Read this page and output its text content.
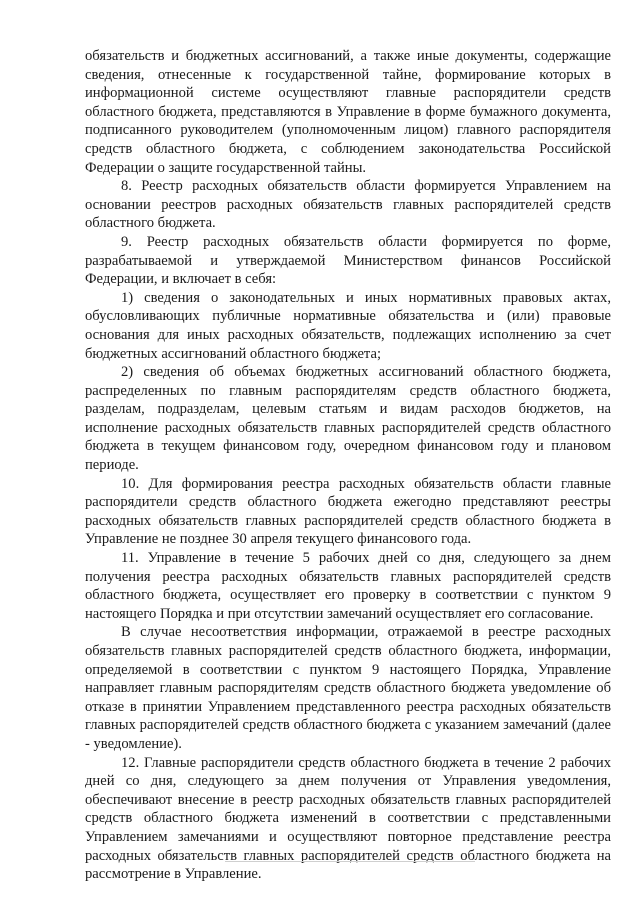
обязательств и бюджетных ассигнований, а также иные документы, содержащие сведения, отнесенные к государственной тайне, формирование которых в информационной системе осуществляют главные распорядители средств областного бюджета, представляются в Управление в форме бумажного документа, подписанного руководителем (уполномоченным лицом) главного распорядителя средств областного бюджета, с соблюдением законодательства Российской Федерации о защите государственной тайны.

8. Реестр расходных обязательств области формируется Управлением на основании реестров расходных обязательств главных распорядителей средств областного бюджета.

9. Реестр расходных обязательств области формируется по форме, разрабатываемой и утверждаемой Министерством финансов Российской Федерации, и включает в себя:

1) сведения о законодательных и иных нормативных правовых актах, обусловливающих публичные нормативные обязательства и (или) правовые основания для иных расходных обязательств, подлежащих исполнению за счет бюджетных ассигнований областного бюджета;

2) сведения об объемах бюджетных ассигнований областного бюджета, распределенных по главным распорядителям средств областного бюджета, разделам, подразделам, целевым статьям и видам расходов бюджетов, на исполнение расходных обязательств главных распорядителей средств областного бюджета в текущем финансовом году, очередном финансовом году и плановом периоде.

10. Для формирования реестра расходных обязательств области главные распорядители средств областного бюджета ежегодно представляют реестры расходных обязательств главных распорядителей средств областного бюджета в Управление не позднее 30 апреля текущего финансового года.

11. Управление в течение 5 рабочих дней со дня, следующего за днем получения реестра расходных обязательств главных распорядителей средств областного бюджета, осуществляет его проверку в соответствии с пунктом 9 настоящего Порядка и при отсутствии замечаний осуществляет его согласование.

В случае несоответствия информации, отражаемой в реестре расходных обязательств главных распорядителей средств областного бюджета, информации, определяемой в соответствии с пунктом 9 настоящего Порядка, Управление направляет главным распорядителям средств областного бюджета уведомление об отказе в принятии Управлением представленного реестра расходных обязательств главных распорядителей средств областного бюджета с указанием замечаний (далее - уведомление).

12. Главные распорядители средств областного бюджета в течение 2 рабочих дней со дня, следующего за днем получения от Управления уведомления, обеспечивают внесение в реестр расходных обязательств главных распорядителей средств областного бюджета изменений в соответствии с представленными Управлением замечаниями и осуществляют повторное представление реестра расходных обязательств главных распорядителей средств областного бюджета на рассмотрение в Управление.
